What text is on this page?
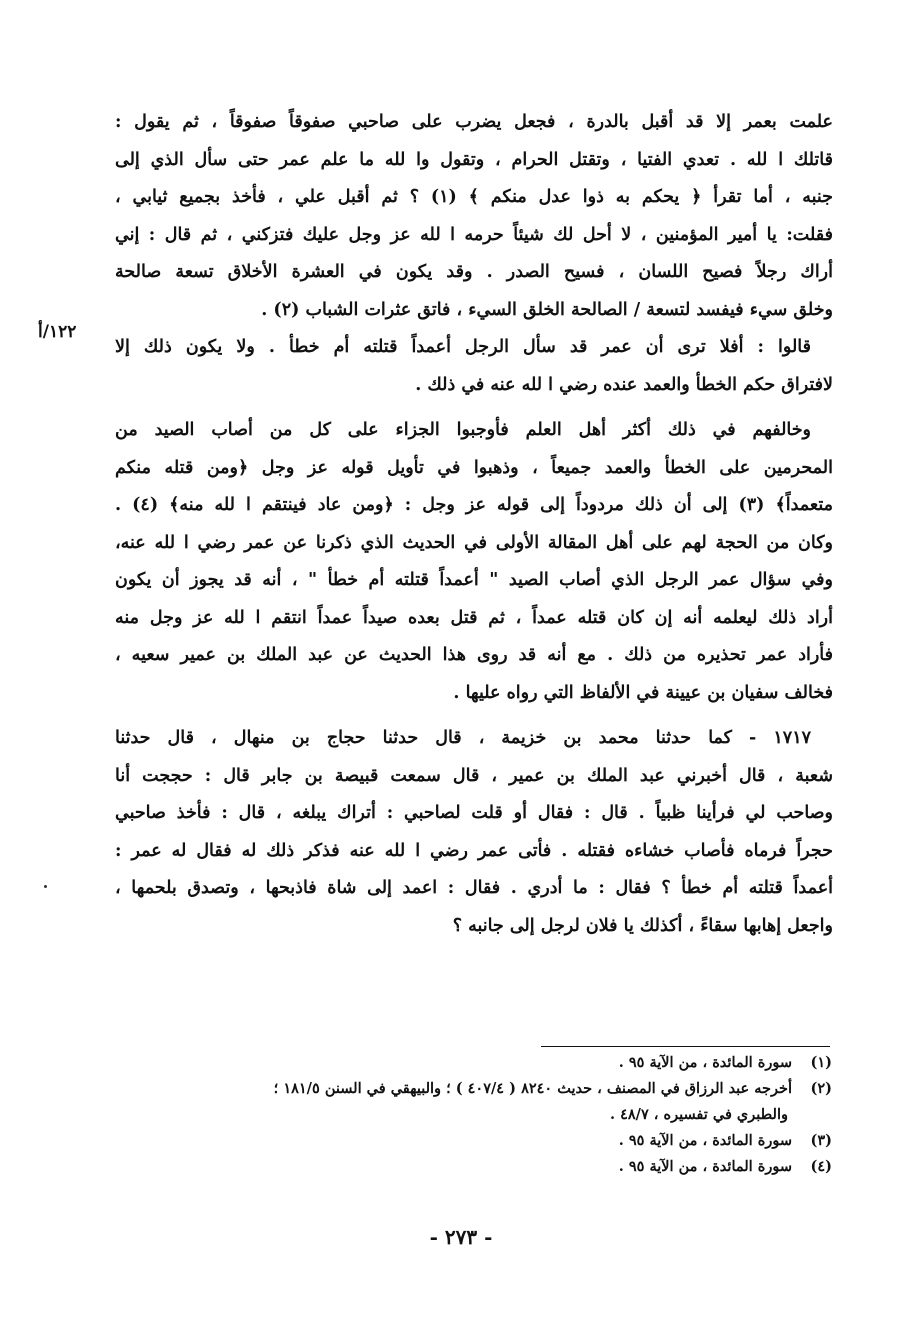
علمت بعمر إلا قد أقبل بالدرة ، فجعل يضرب على صاحبي صفوقاً صفوقاً ، ثم يقول :
قاتلك ا لله . تعدي الفتيا ، وتقتل الحرام ، وتقول وا لله ما علم عمر حتى سأل الذي إلى
جنبه ، أما تقرأ ﴿ يحكم به ذوا عدل منكم ﴾ (١) ؟ ثم أقبل علي ، فأخذ بجميع ثيابي ،
فقلت: يا أمير المؤمنين ، لا أحل لك شيئاً حرمه ا لله عز وجل عليك فتزكني ، ثم قال : إني
أراك رجلاً فصيح اللسان ، فسيح الصدر . وقد يكون في العشرة الأخلاق تسعة صالحة
وخلق سيء فيفسد لتسعة / الصالحة الخلق السيء ، فاتق عثرات الشباب (٢) .
قالوا : أفلا ترى أن عمر قد سأل الرجل أعمداً قتلته أم خطأ . ولا يكون ذلك إلا
لافتراق حكم الخطأ والعمد عنده رضي ا لله عنه في ذلك .
وخالفهم في ذلك أكثر أهل العلم فأوجبوا الجزاء على كل من أصاب الصيد من
المحرمين على الخطأ والعمد جميعاً ، وذهبوا في تأويل قوله عز وجل ﴿ومن قتله منكم
متعمداً﴾ (٣) إلى أن ذلك مردوداً إلى قوله عز وجل : ﴿ومن عاد فينتقم ا لله منه﴾ (٤) .
وكان من الحجة لهم على أهل المقالة الأولى في الحديث الذي ذكرنا عن عمر رضي ا لله عنه،
وفي سؤال عمر الرجل الذي أصاب الصيد " أعمداً قتلته أم خطأ " ، أنه قد يجوز أن يكون
أراد ذلك ليعلمه أنه إن كان قتله عمداً ، ثم قتل بعده صيداً عمداً انتقم ا لله عز وجل منه
فأراد عمر تحذيره من ذلك . مع أنه قد روى هذا الحديث عن عبد الملك بن عمير سعيه ،
فخالف سفيان بن عيينة في الألفاظ التي رواه عليها .
١٧١٧ - كما حدثنا محمد بن خزيمة ، قال حدثنا حجاج بن منهال ، قال حدثنا
شعبة ، قال أخبرني عبد الملك بن عمير ، قال سمعت قبيصة بن جابر قال : حججت أنا
وصاحب لي فرأينا ظبياً . قال : فقال أو قلت لصاحبي : أتراك يبلغه ، قال : فأخذ صاحبي
حجراً فرماه فأصاب خشاءه فقتله . فأتى عمر رضي ا لله عنه فذكر ذلك له فقال له عمر :
أعمداً قتلته أم خطأ ؟ فقال : ما أدري . فقال : اعمد إلى شاة فاذبحها ، وتصدق بلحمها ،
واجعل إهابها سقاءً ، أكذلك يا فلان لرجل إلى جانبه ؟
١٢٢/أ
(١)سورة المائدة ، من الآية ٩٥ .
(٢)أخرجه عبد الرزاق في المصنف ، حديث ٨٢٤٠ ( ٤٠٧/٤ ) ؛ والبيهقي في السنن ١٨١/٥ ؛
والطبري في تفسيره ، ٤٨/٧ .
(٣)سورة المائدة ، من الآية ٩٥ .
(٤)سورة المائدة ، من الآية ٩٥ .
- ٢٧٣ -
